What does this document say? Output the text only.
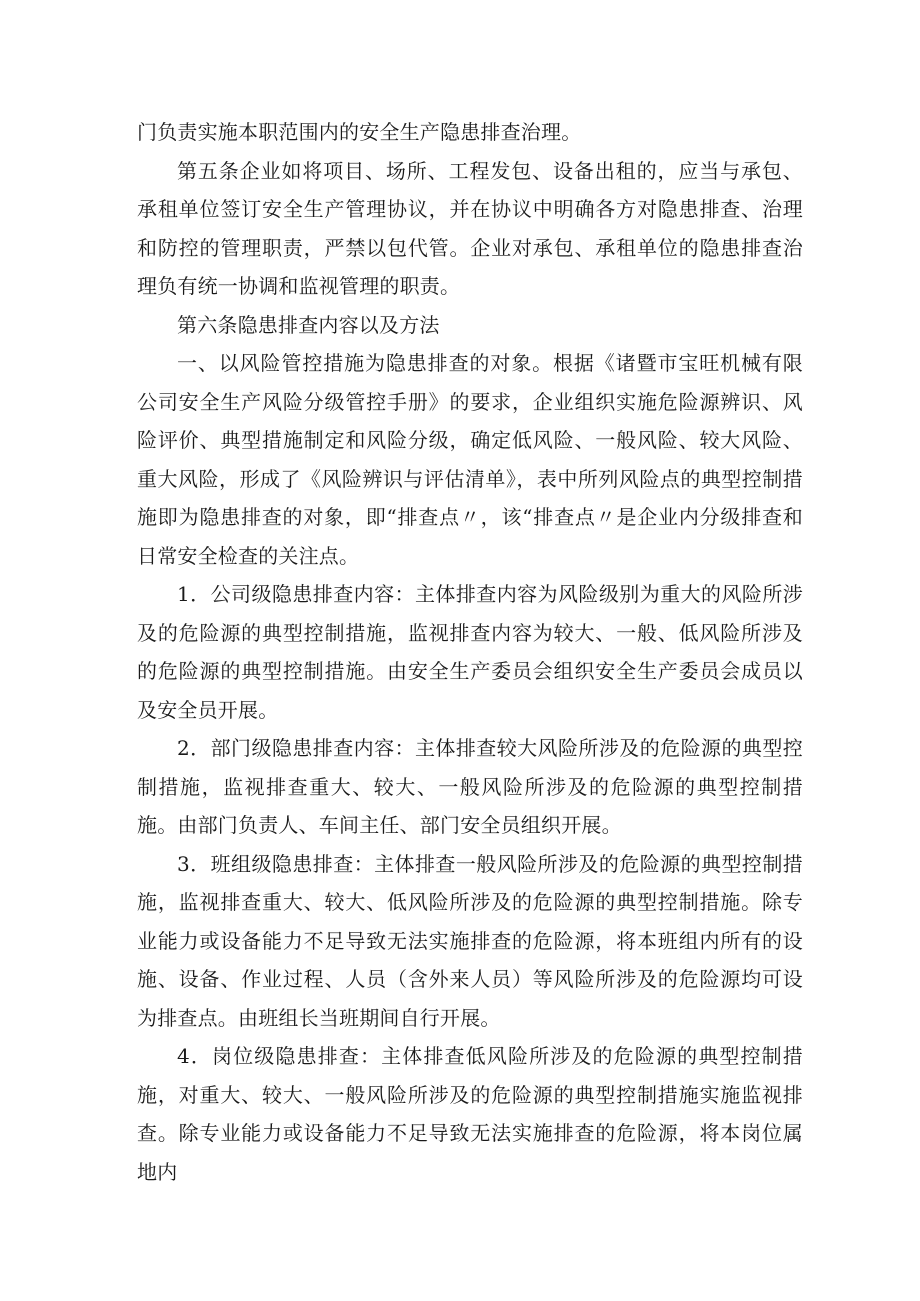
门负责实施本职范围内的安全生产隐患排查治理。

第五条企业如将项目、场所、工程发包、设备出租的，应当与承包、承租单位签订安全生产管理协议，并在协议中明确各方对隐患排查、治理和防控的管理职责，严禁以包代管。企业对承包、承租单位的隐患排查治理负有统一协调和监视管理的职责。

第六条隐患排查内容以及方法

一、以风险管控措施为隐患排查的对象。根据《诸暨市宝旺机械有限公司安全生产风险分级管控手册》的要求，企业组织实施危险源辨识、风险评价、典型措施制定和风险分级，确定低风险、一般风险、较大风险、重大风险，形成了《风险辨识与评估清单》，表中所列风险点的典型控制措施即为隐患排查的对象，即“排查点〃，该“排查点〃是企业内分级排查和日常安全检查的关注点。

1．公司级隐患排查内容：主体排查内容为风险级别为重大的风险所涉及的危险源的典型控制措施，监视排查内容为较大、一般、低风险所涉及的危险源的典型控制措施。由安全生产委员会组织安全生产委员会成员以及安全员开展。

2．部门级隐患排查内容：主体排查较大风险所涉及的危险源的典型控制措施，监视排查重大、较大、一般风险所涉及的危险源的典型控制措施。由部门负责人、车间主任、部门安全员组织开展。

3．班组级隐患排查：主体排查一般风险所涉及的危险源的典型控制措施，监视排查重大、较大、低风险所涉及的危险源的典型控制措施。除专业能力或设备能力不足导致无法实施排查的危险源，将本班组内所有的设施、设备、作业过程、人员（含外来人员）等风险所涉及的危险源均可设为排查点。由班组长当班期间自行开展。

4．岗位级隐患排查：主体排查低风险所涉及的危险源的典型控制措施，对重大、较大、一般风险所涉及的危险源的典型控制措施实施监视排查。除专业能力或设备能力不足导致无法实施排查的危险源，将本岗位属地内
